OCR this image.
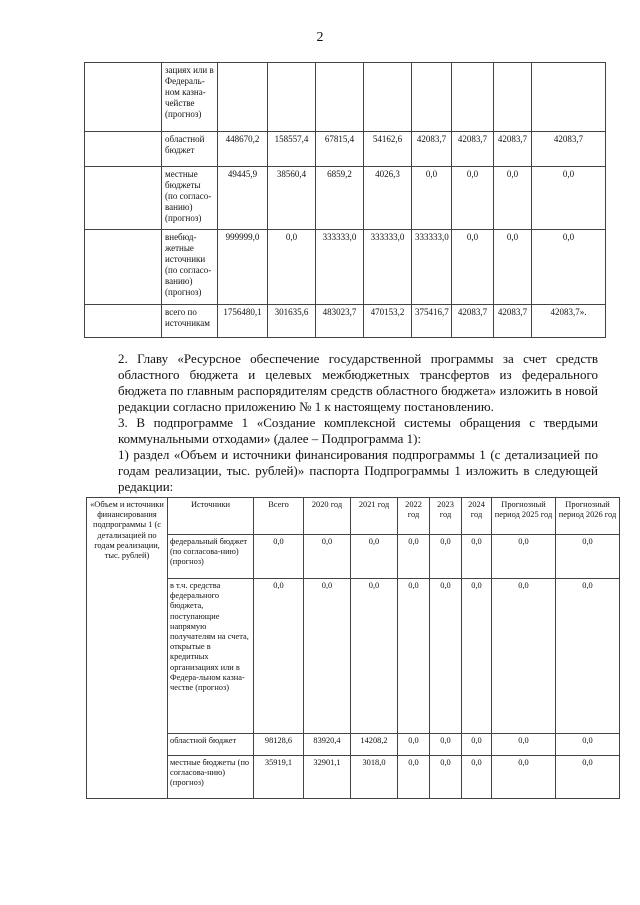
2
	зациях или в Федераль-ном казна-чействе (прогноз)								
	областной бюджет	448670,2	158557,4	67815,4	54162,6	42083,7	42083,7	42083,7	42083,7
	местные бюджеты (по согласо-ванию) (прогноз)	49445,9	38560,4	6859,2	4026,3	0,0	0,0	0,0	0,0
	внебюд-жетные источники (по согласо-ванию) (прогноз)	999999,0	0,0	333333,0	333333,0	333333,0	0,0	0,0	0,0
	всего по источникам	1756480,1	301635,6	483023,7	470153,2	375416,7	42083,7	42083,7	42083,7».
2. Главу «Ресурсное обеспечение государственной программы за счет средств областного бюджета и целевых межбюджетных трансфертов из федерального бюджета по главным распорядителям средств областного бюджета» изложить в новой редакции согласно приложению № 1 к настоящему постановлению.
3. В подпрограмме 1 «Создание комплексной системы обращения с твердыми коммунальными отходами» (далее – Подпрограмма 1):
1) раздел «Объем и источники финансирования подпрограммы 1 (с детализацией по годам реализации, тыс. рублей)» паспорта Подпрограммы 1 изложить в следующей редакции:
«Объем и источники финансирования подпрограммы 1 (с детализацией по годам реализации, тыс. рублей)	Источники	Всего	2020 год	2021 год	2022 год	2023 год	2024 год	Прогнозный период 2025 год	Прогнозный период 2026 год
	федеральный бюджет (по согласова-нию) (прогноз)	0,0	0,0	0,0	0,0	0,0	0,0	0,0	0,0
	в т.ч. средства федерального бюджета, поступающие напрямую получателям на счета, открытые в кредитных организациях или в Федера-льном казна-честве (прогноз)	0,0	0,0	0,0	0,0	0,0	0,0	0,0	0,0
	областной бюджет	98128,6	83920,4	14208,2	0,0	0,0	0,0	0,0	0,0
	местные бюджеты (по согласова-нию) (прогноз)	35919,1	32901,1	3018,0	0,0	0,0	0,0	0,0	0,0
